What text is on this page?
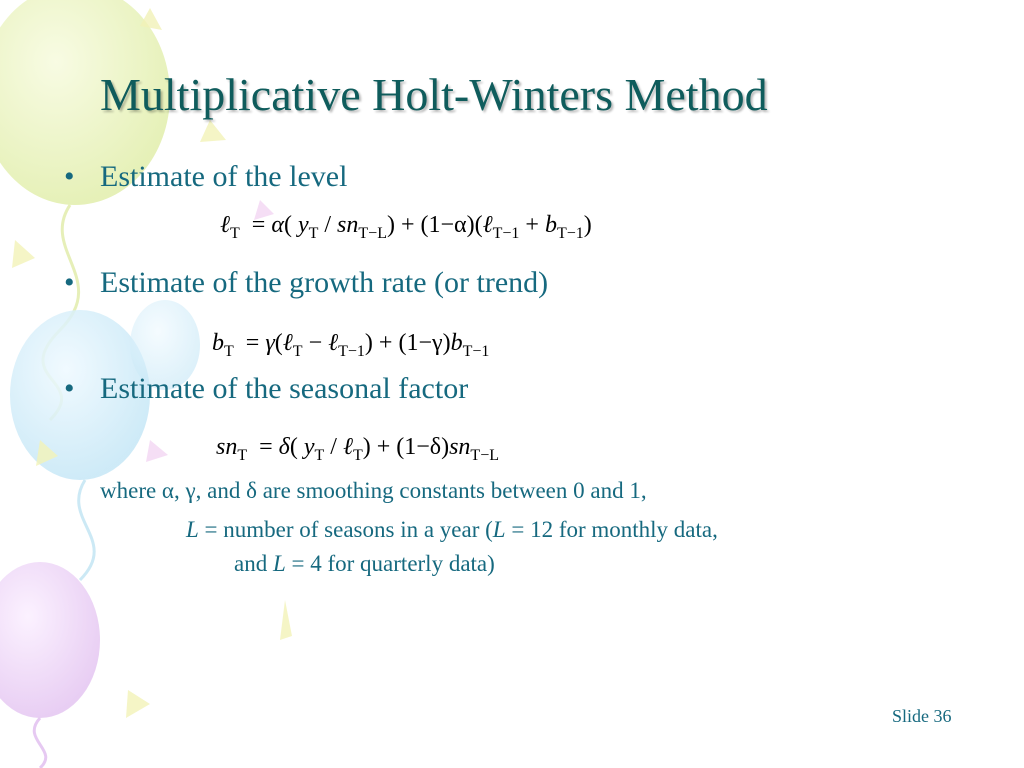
Multiplicative Holt-Winters Method
• Estimate of the level
ℓ$_T$  = α( $y_T / sn_{T-L}$) + (1−α)(ℓ$_{T-1}$ + $b_{T-1}$)
• Estimate of the growth rate (or trend)
$b_T$  = γ(ℓ$_T$ − ℓ$_{T-1}$) + $(1-\gamma)b_{T-1}$
• Estimate of the seasonal factor
$sn_T = \delta$( $y_T$ / ℓ$_T$) + $(1-\delta)sn_{T-L}$
where α, γ, and δ are smoothing constants between 0 and 1,
L = number of seasons in a year (L = 12 for monthly data,
and L = 4 for quarterly data)
Slide 36
